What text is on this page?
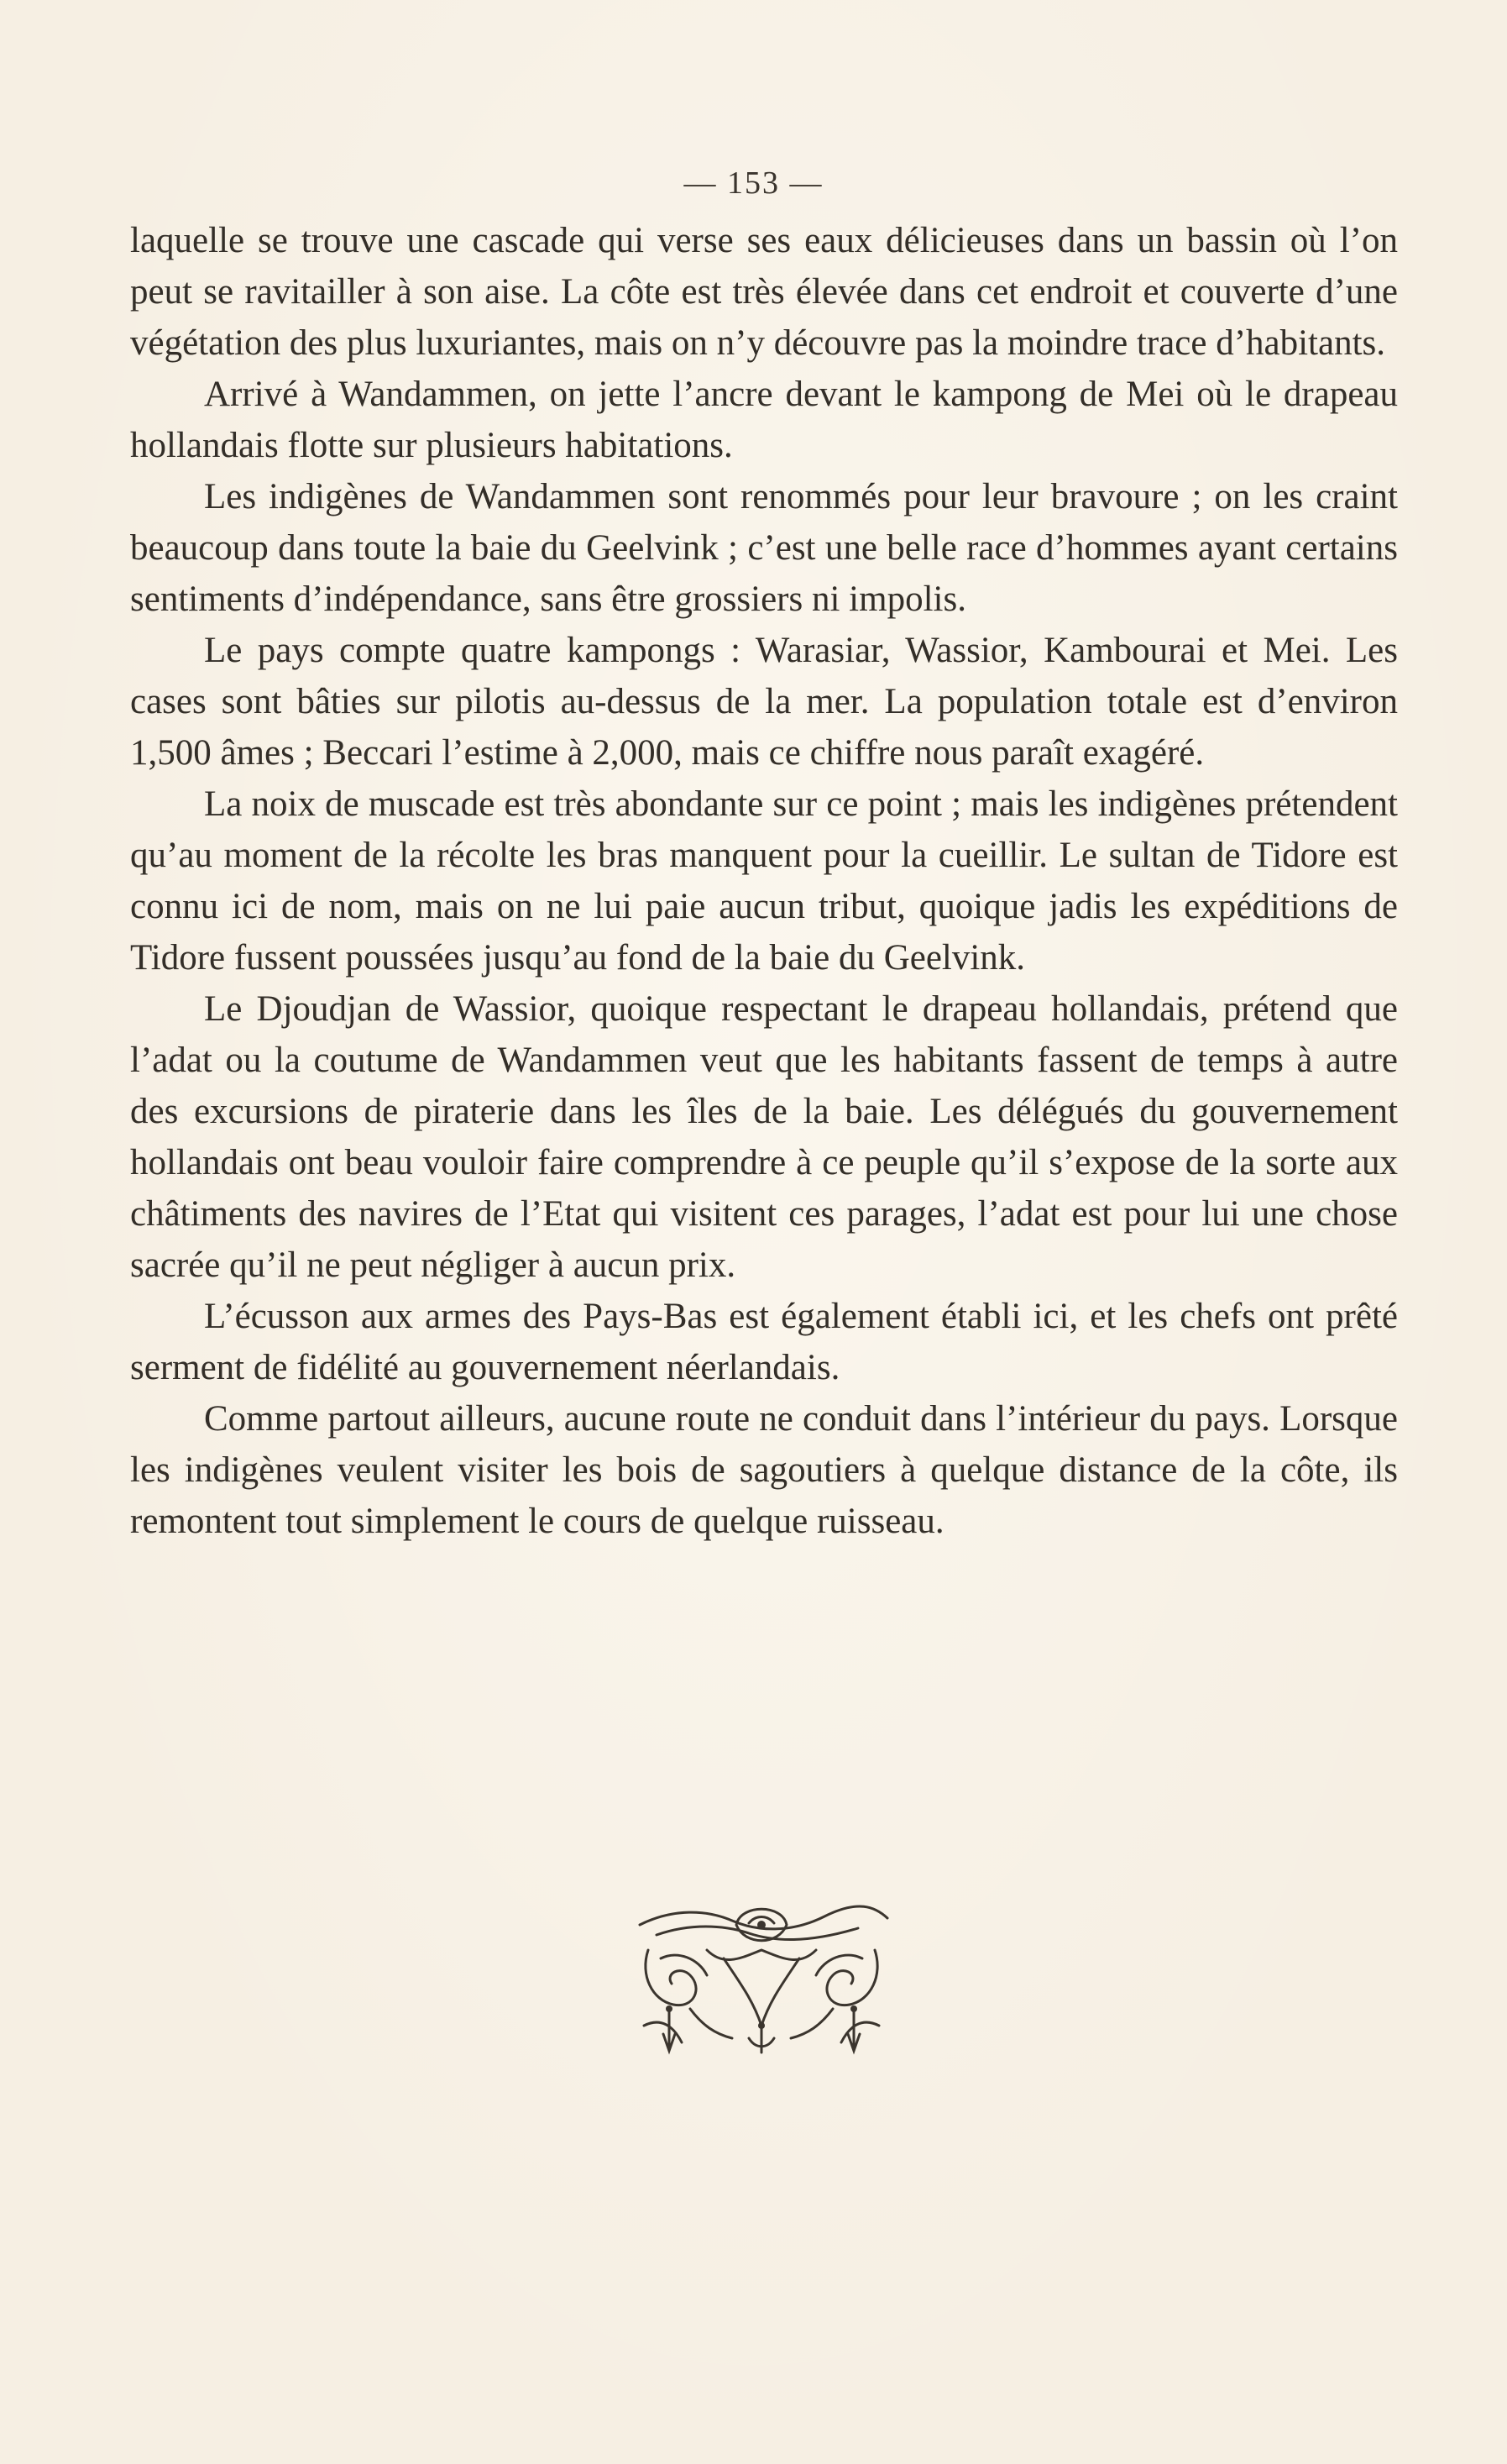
— 153 —

laquelle se trouve une cascade qui verse ses eaux délicieuses dans un bassin où l’on peut se ravitailler à son aise. La côte est très élevée dans cet endroit et couverte d’une végétation des plus luxuriantes, mais on n’y découvre pas la moindre trace d’habitants.

Arrivé à Wandammen, on jette l’ancre devant le kampong de Mei où le drapeau hollandais flotte sur plusieurs habitations.

Les indigènes de Wandammen sont renommés pour leur bravoure ; on les craint beaucoup dans toute la baie du Geelvink ; c’est une belle race d’hommes ayant certains sentiments d’indépendance, sans être grossiers ni impolis.

Le pays compte quatre kampongs : Warasiar, Wassior, Kambourai et Mei. Les cases sont bâties sur pilotis au-dessus de la mer. La population totale est d’environ 1,500 âmes ; Beccari l’estime à 2,000, mais ce chiffre nous paraît exagéré.

La noix de muscade est très abondante sur ce point ; mais les indigènes prétendent qu’au moment de la récolte les bras manquent pour la cueillir. Le sultan de Tidore est connu ici de nom, mais on ne lui paie aucun tribut, quoique jadis les expéditions de Tidore fussent poussées jusqu’au fond de la baie du Geelvink.

Le Djoudjan de Wassior, quoique respectant le drapeau hollandais, prétend que l’adat ou la coutume de Wandammen veut que les habitants fassent de temps à autre des excursions de piraterie dans les îles de la baie. Les délégués du gouvernement hollandais ont beau vouloir faire comprendre à ce peuple qu’il s’expose de la sorte aux châtiments des navires de l’Etat qui visitent ces parages, l’adat est pour lui une chose sacrée qu’il ne peut négliger à aucun prix.

L’écusson aux armes des Pays-Bas est également établi ici, et les chefs ont prêté serment de fidélité au gouvernement néerlandais.

Comme partout ailleurs, aucune route ne conduit dans l’intérieur du pays. Lorsque les indigènes veulent visiter les bois de sagoutiers à quelque distance de la côte, ils remontent tout simplement le cours de quelque ruisseau.
